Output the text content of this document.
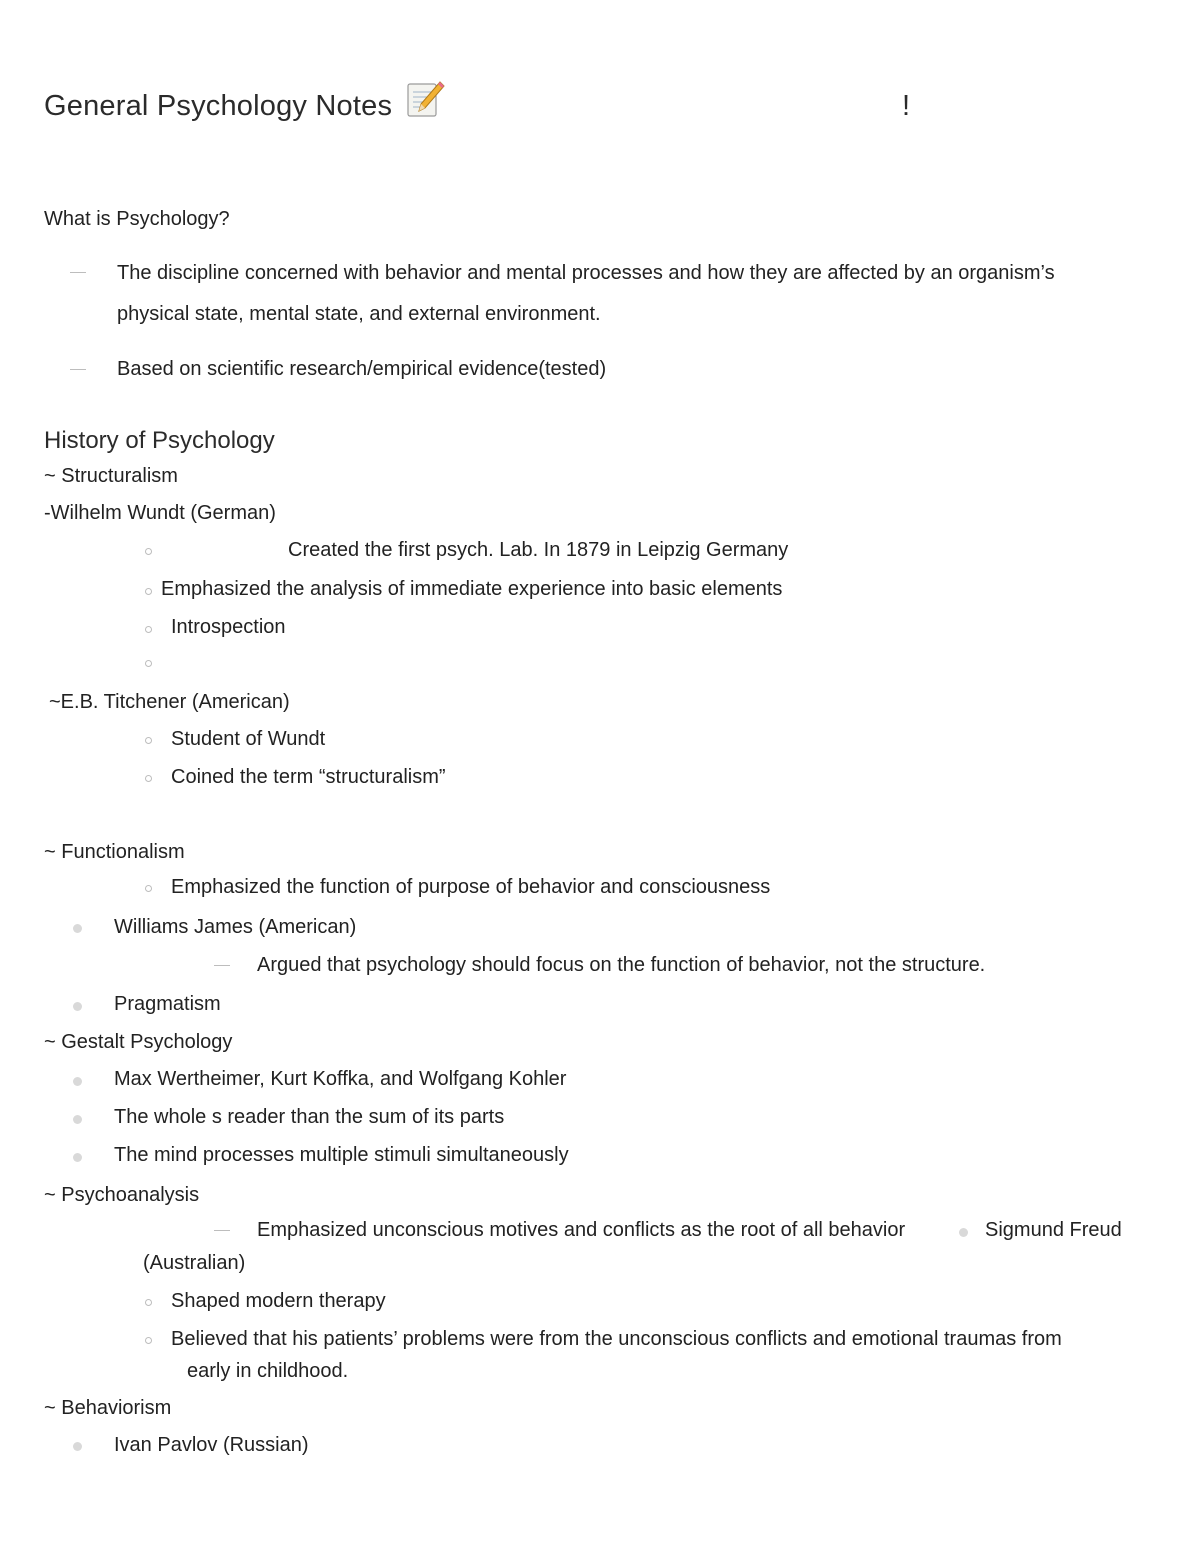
General Psychology Notes	!
What is Psychology?
The discipline concerned with behavior and mental processes and how they are affected by an organism’s
physical state, mental state, and external environment.
Based on scientific research/empirical evidence(tested)
History of Psychology
~ Structuralism
-Wilhelm Wundt (German)
Created the first psych. Lab. In 1879 in Leipzig Germany
Emphasized the analysis of immediate experience into basic elements
Introspection
~E.B. Titchener (American)
Student of Wundt
Coined the term “structuralism”
~ Functionalism
Emphasized the function of purpose of behavior and consciousness
Williams James (American)
Argued that psychology should focus on the function of behavior, not the structure.
Pragmatism
~ Gestalt Psychology
Max Wertheimer, Kurt Koffka, and Wolfgang Kohler
The whole s reader than the sum of its parts
The mind processes multiple stimuli simultaneously
~ Psychoanalysis
Emphasized unconscious motives and conflicts as the root of all behavior	Sigmund Freud
(Australian)
Shaped modern therapy
Believed that his patients’ problems were from the unconscious conflicts and emotional traumas from
early in childhood.
~ Behaviorism
Ivan Pavlov (Russian)
